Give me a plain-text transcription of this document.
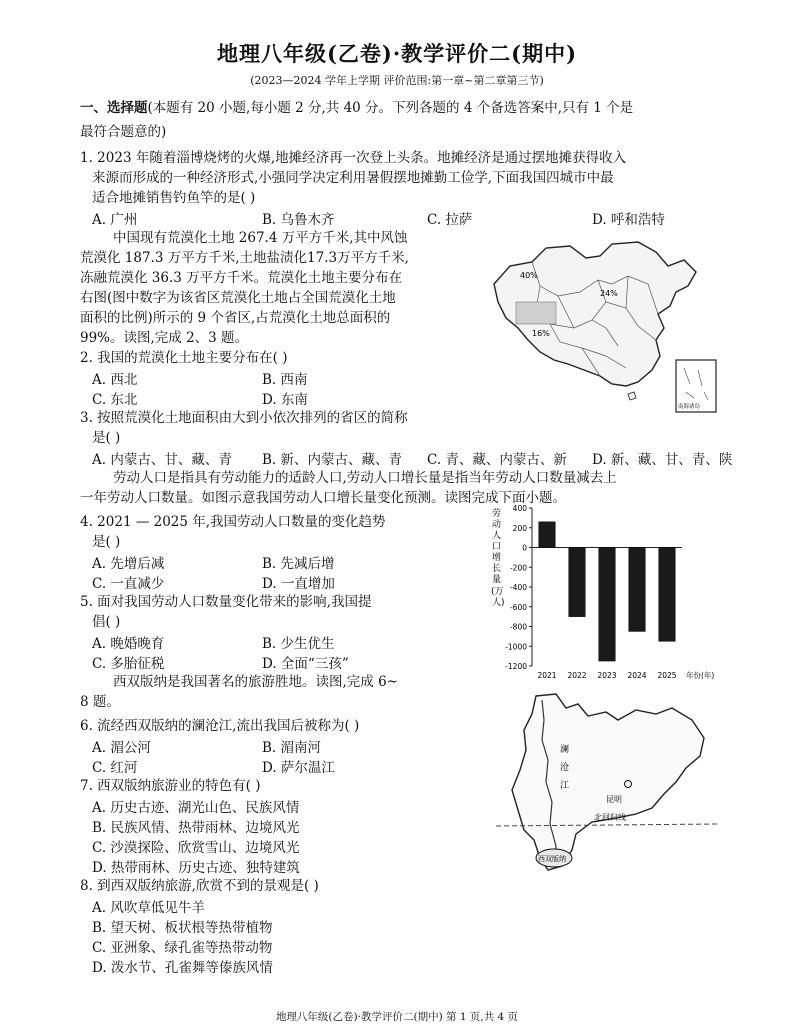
地理八年级(乙卷)·教学评价二(期中)
(2023—2024 学年上学期 评价范围:第一章~第二章第三节)
一、选择题(本题有 20 小题,每小题 2 分,共 40 分。下列各题的 4 个备选答案中,只有 1 个是
最符合题意的)
1. 2023 年随着淄博烧烤的火爆,地摊经济再一次登上头条。地摊经济是通过摆地摊获得收入
来源而形成的一种经济形式,小强同学决定利用暑假摆地摊勤工俭学,下面我国四城市中最
适合地摊销售钓鱼竿的是( )
A. 广州	B. 乌鲁木齐	C. 拉萨	D. 呼和浩特
中国现有荒漠化土地 267.4 万平方千米,其中风蚀
荒漠化 187.3 万平方千米,土地盐渍化17.3万平方千米,
冻融荒漠化 36.3 万平方千米。荒漠化土地主要分布在
右图(图中数字为该省区荒漠化土地占全国荒漠化土地
面积的比例)所示的 9 个省区,占荒漠化土地总面积的
99%。读图,完成 2、3 题。
2. 我国的荒漠化土地主要分布在( )
A. 西北	B. 西南
C. 东北	D. 东南
3. 按照荒漠化土地面积由大到小依次排列的省区的简称
是( )
A. 内蒙古、甘、藏、青 B. 新、内蒙古、藏、青 C. 青、藏、内蒙古、新 D. 新、藏、甘、青、陕
劳动人口是指具有劳动能力的适龄人口,劳动人口增长量是指当年劳动人口数量减去上
一年劳动人口数量。如图示意我国劳动人口增长量变化预测。读图完成下面小题。
4. 2021 — 2025 年,我国劳动人口数量的变化趋势
是( )
A. 先增后减	B. 先减后增
C. 一直减少	D. 一直增加
5. 面对我国劳动人口数量变化带来的影响,我国提
倡( )
A. 晚婚晚育	B. 少生优生
C. 多胎征税	D. 全面“三孩”
西双版纳是我国著名的旅游胜地。读图,完成 6~
8 题。
6. 流经西双版纳的澜沧江,流出我国后被称为( )
A. 湄公河	B. 湄南河
C. 红河	D. 萨尔温江
7. 西双版纳旅游业的特色有( )
A. 历史古迹、湖光山色、民族风情
B. 民族风情、热带雨林、边境风光
C. 沙漠探险、欣赏雪山、边境风光
D. 热带雨林、历史古迹、独特建筑
8. 到西双版纳旅游,欣赏不到的景观是( )
A. 风吹草低见牛羊
B. 望天树、板状根等热带植物
C. 亚洲象、绿孔雀等热带动物
D. 泼水节、孔雀舞等傣族风情
40%
24%
16%
南海诸岛
劳
动
人
口
增
长
量
(万
人)
400
200
0
-200
-400
-600
-800
-1000
-1200
2021 2022 2023 2024 2025 年份(年)
澜
沧
江
昆明
北回归线
西双版纳
地理八年级(乙卷)·教学评价二(期中) 第 1 页,共 4 页
